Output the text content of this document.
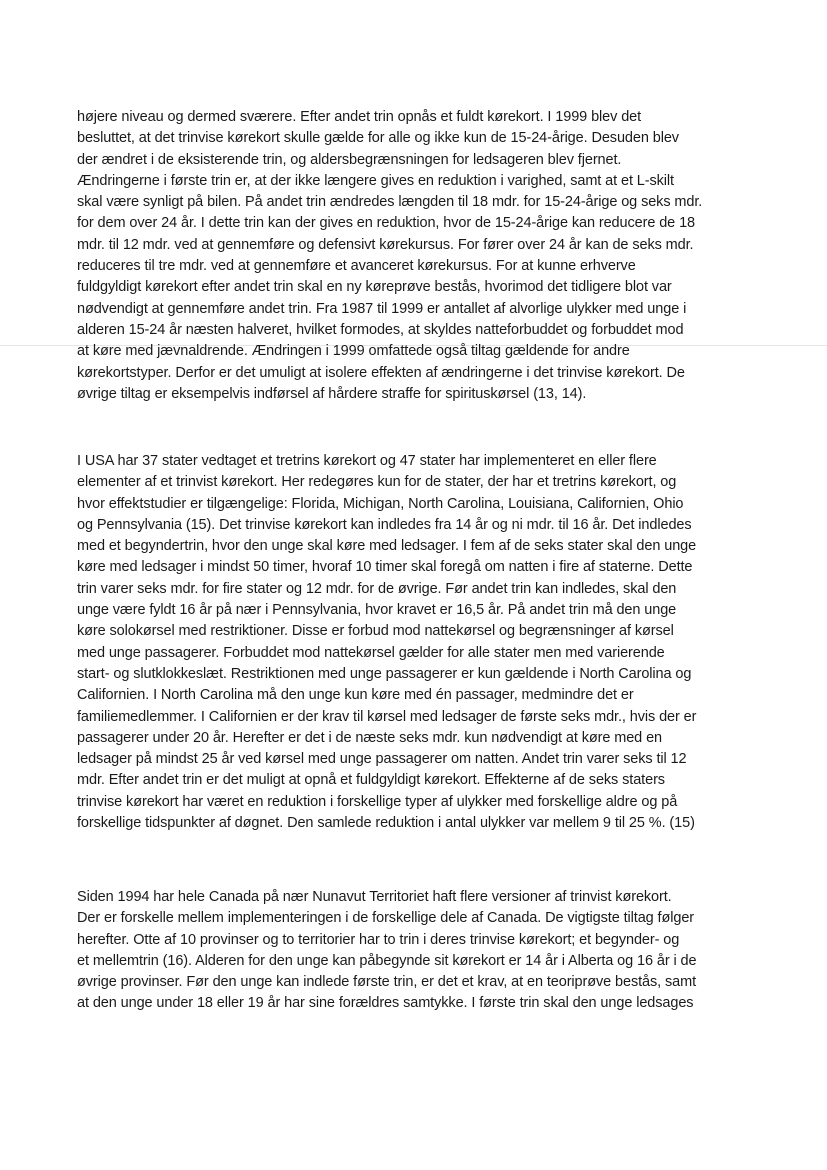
højere niveau og dermed sværere. Efter andet trin opnås et fuldt kørekort. I 1999 blev det
besluttet, at det trinvise kørekort skulle gælde for alle og ikke kun de 15-24-årige. Desuden blev
der ændret i de eksisterende trin, og aldersbegrænsningen for ledsageren blev fjernet.
Ændringerne i første trin er, at der ikke længere gives en reduktion i varighed, samt at et L-skilt
skal være synligt på bilen. På andet trin ændredes længden til 18 mdr. for 15-24-årige og seks mdr.
for dem over 24 år. I dette trin kan der gives en reduktion, hvor de 15-24-årige kan reducere de 18
mdr. til 12 mdr. ved at gennemføre og defensivt kørekursus. For fører over 24 år kan de seks mdr.
reduceres til tre mdr. ved at gennemføre et avanceret kørekursus. For at kunne erhverve
fuldgyldigt kørekort efter andet trin skal en ny køreprøve bestås, hvorimod det tidligere blot var
nødvendigt at gennemføre andet trin. Fra 1987 til 1999 er antallet af alvorlige ulykker med unge i
alderen 15-24 år næsten halveret, hvilket formodes, at skyldes natteforbuddet og forbuddet mod
at køre med jævnaldrende. Ændringen i 1999 omfattede også tiltag gældende for andre
kørekortstyper. Derfor er det umuligt at isolere effekten af ændringerne i det trinvise kørekort. De
øvrige tiltag er eksempelvis indførsel af hårdere straffe for spirituskørsel (13, 14).
I USA har 37 stater vedtaget et tretrins kørekort og 47 stater har implementeret en eller flere
elementer af et trinvist kørekort. Her redegøres kun for de stater, der har et tretrins kørekort, og
hvor effektstudier er tilgængelige: Florida, Michigan, North Carolina, Louisiana, Californien, Ohio
og Pennsylvania (15). Det trinvise kørekort kan indledes fra 14 år og ni mdr. til 16 år. Det indledes
med et begyndertrin, hvor den unge skal køre med ledsager. I fem af de seks stater skal den unge
køre med ledsager i mindst 50 timer, hvoraf 10 timer skal foregå om natten i fire af staterne. Dette
trin varer seks mdr. for fire stater og 12 mdr. for de øvrige. Før andet trin kan indledes, skal den
unge være fyldt 16 år på nær i Pennsylvania, hvor kravet er 16,5 år. På andet trin må den unge
køre solokørsel med restriktioner. Disse er forbud mod nattekørsel og begrænsninger af kørsel
med unge passagerer. Forbuddet mod nattekørsel gælder for alle stater men med varierende
start- og slutklokkeslæt. Restriktionen med unge passagerer er kun gældende i North Carolina og
Californien. I North Carolina må den unge kun køre med én passager, medmindre det er
familiemedlemmer. I Californien er der krav til kørsel med ledsager de første seks mdr., hvis der er
passagerer under 20 år. Herefter er det i de næste seks mdr. kun nødvendigt at køre med en
ledsager på mindst 25 år ved kørsel med unge passagerer om natten. Andet trin varer seks til 12
mdr. Efter andet trin er det muligt at opnå et fuldgyldigt kørekort. Effekterne af de seks staters
trinvise kørekort har været en reduktion i forskellige typer af ulykker med forskellige aldre og på
forskellige tidspunkter af døgnet. Den samlede reduktion i antal ulykker var mellem 9 til 25 %. (15)
Siden 1994 har hele Canada på nær Nunavut Territoriet haft flere versioner af trinvist kørekort.
Der er forskelle mellem implementeringen i de forskellige dele af Canada. De vigtigste tiltag følger
herefter. Otte af 10 provinser og to territorier har to trin i deres trinvise kørekort; et begynder- og
et mellemtrin (16). Alderen for den unge kan påbegynde sit kørekort er 14 år i Alberta og 16 år i de
øvrige provinser. Før den unge kan indlede første trin, er det et krav, at en teoriprøve bestås, samt
at den unge under 18 eller 19 år har sine forældres samtykke. I første trin skal den unge ledsages
